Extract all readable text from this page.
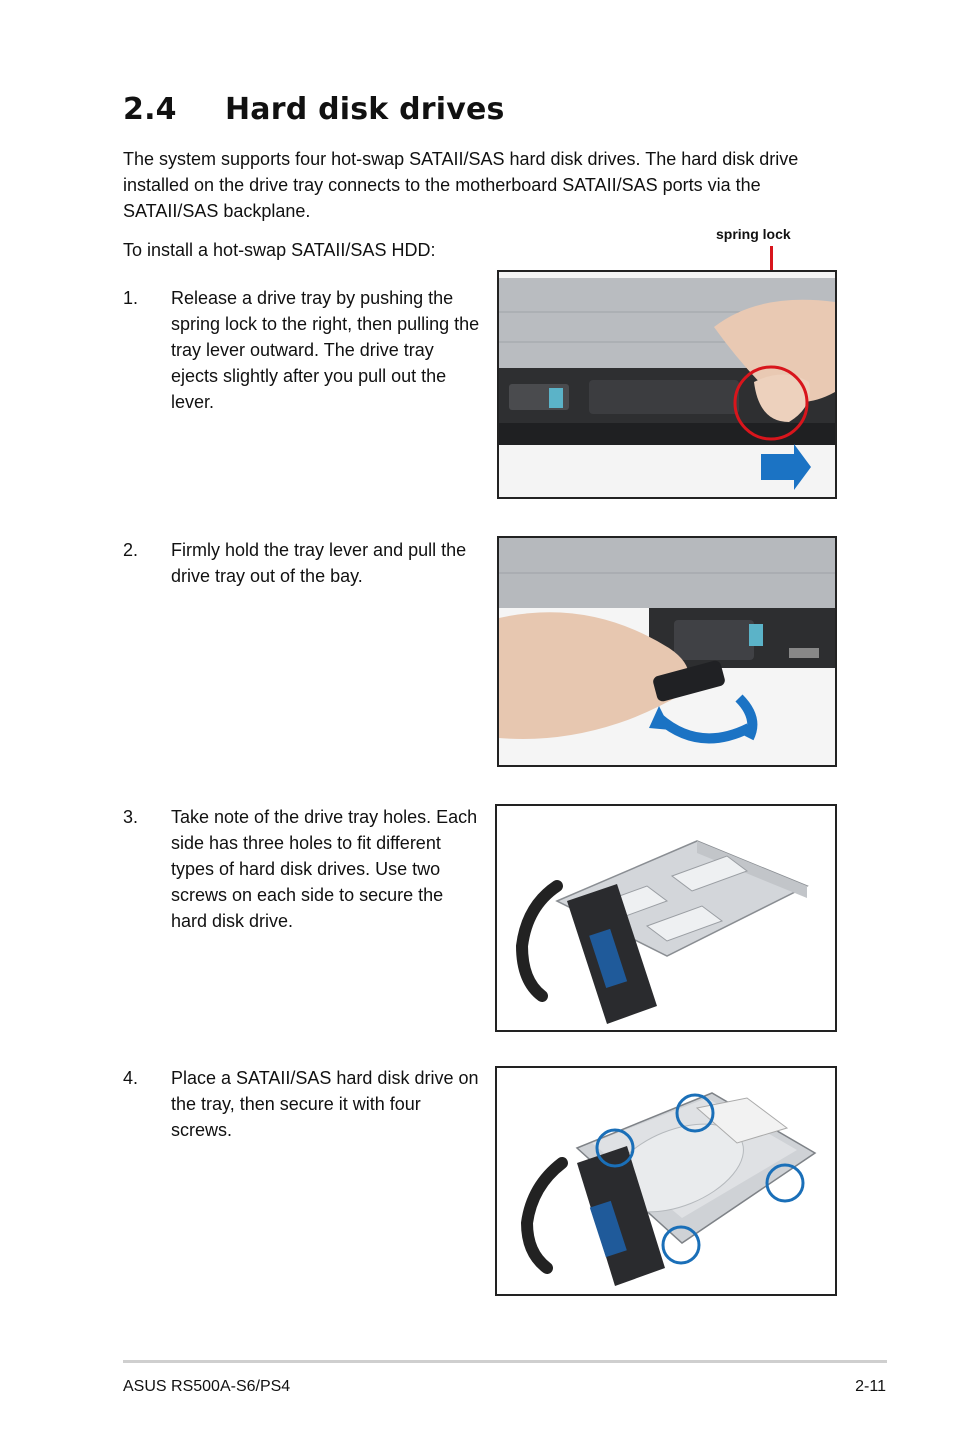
2.4 Hard disk drives
The system supports four hot-swap SATAII/SAS hard disk drives. The hard disk drive installed on the drive tray connects to the motherboard SATAII/SAS ports via the SATAII/SAS backplane.
To install a hot-swap SATAII/SAS HDD:
spring lock
1. Release a drive tray by pushing the spring lock to the right, then pulling the tray lever outward. The drive tray ejects slightly after you pull out the lever.
2. Firmly hold the tray lever and pull the drive tray out of the bay.
3. Take note of the drive tray holes. Each side has three holes to fit different types of hard disk drives. Use two screws on each side to secure the hard disk drive.
4. Place a SATAII/SAS hard disk drive on the tray, then secure it with four screws.
ASUS RS500A-S6/PS4	2-11
